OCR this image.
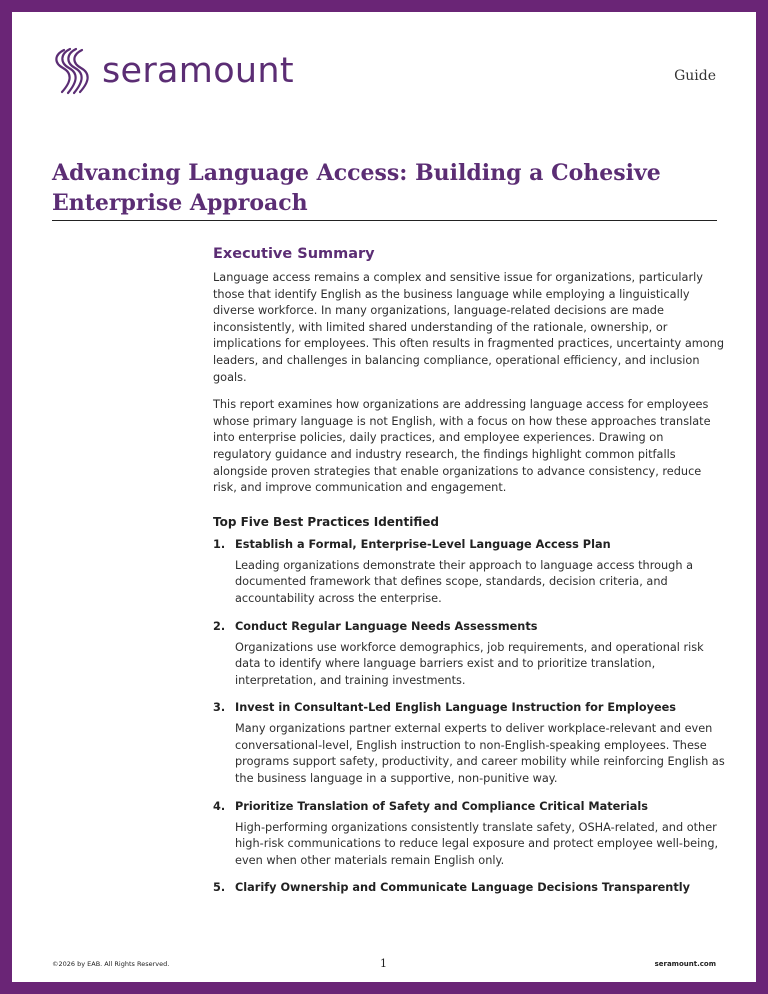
seramount	Guide
Advancing Language Access: Building a Cohesive Enterprise Approach
Executive Summary

Language access remains a complex and sensitive issue for organizations, particularly those that identify English as the business language while employing a linguistically diverse workforce. In many organizations, language-related decisions are made inconsistently, with limited shared understanding of the rationale, ownership, or implications for employees. This often results in fragmented practices, uncertainty among leaders, and challenges in balancing compliance, operational efficiency, and inclusion goals.

This report examines how organizations are addressing language access for employees whose primary language is not English, with a focus on how these approaches translate into enterprise policies, daily practices, and employee experiences. Drawing on regulatory guidance and industry research, the findings highlight common pitfalls alongside proven strategies that enable organizations to advance consistency, reduce risk, and improve communication and engagement.

Top Five Best Practices Identified
1. Establish a Formal, Enterprise-Level Language Access Plan

Leading organizations demonstrate their approach to language access through a documented framework that defines scope, standards, decision criteria, and accountability across the enterprise.

2. Conduct Regular Language Needs Assessments

Organizations use workforce demographics, job requirements, and operational risk data to identify where language barriers exist and to prioritize translation, interpretation, and training investments.

3. Invest in Consultant-Led English Language Instruction for Employees

Many organizations partner external experts to deliver workplace-relevant and even conversational-level, English instruction to non-English-speaking employees. These programs support safety, productivity, and career mobility while reinforcing English as the business language in a supportive, non-punitive way.

4. Prioritize Translation of Safety and Compliance Critical Materials

High-performing organizations consistently translate safety, OSHA-related, and other high-risk communications to reduce legal exposure and protect employee well-being, even when other materials remain English only.

5. Clarify Ownership and Communicate Language Decisions Transparently
©2026 by EAB. All Rights Reserved.	1	seramount.com
